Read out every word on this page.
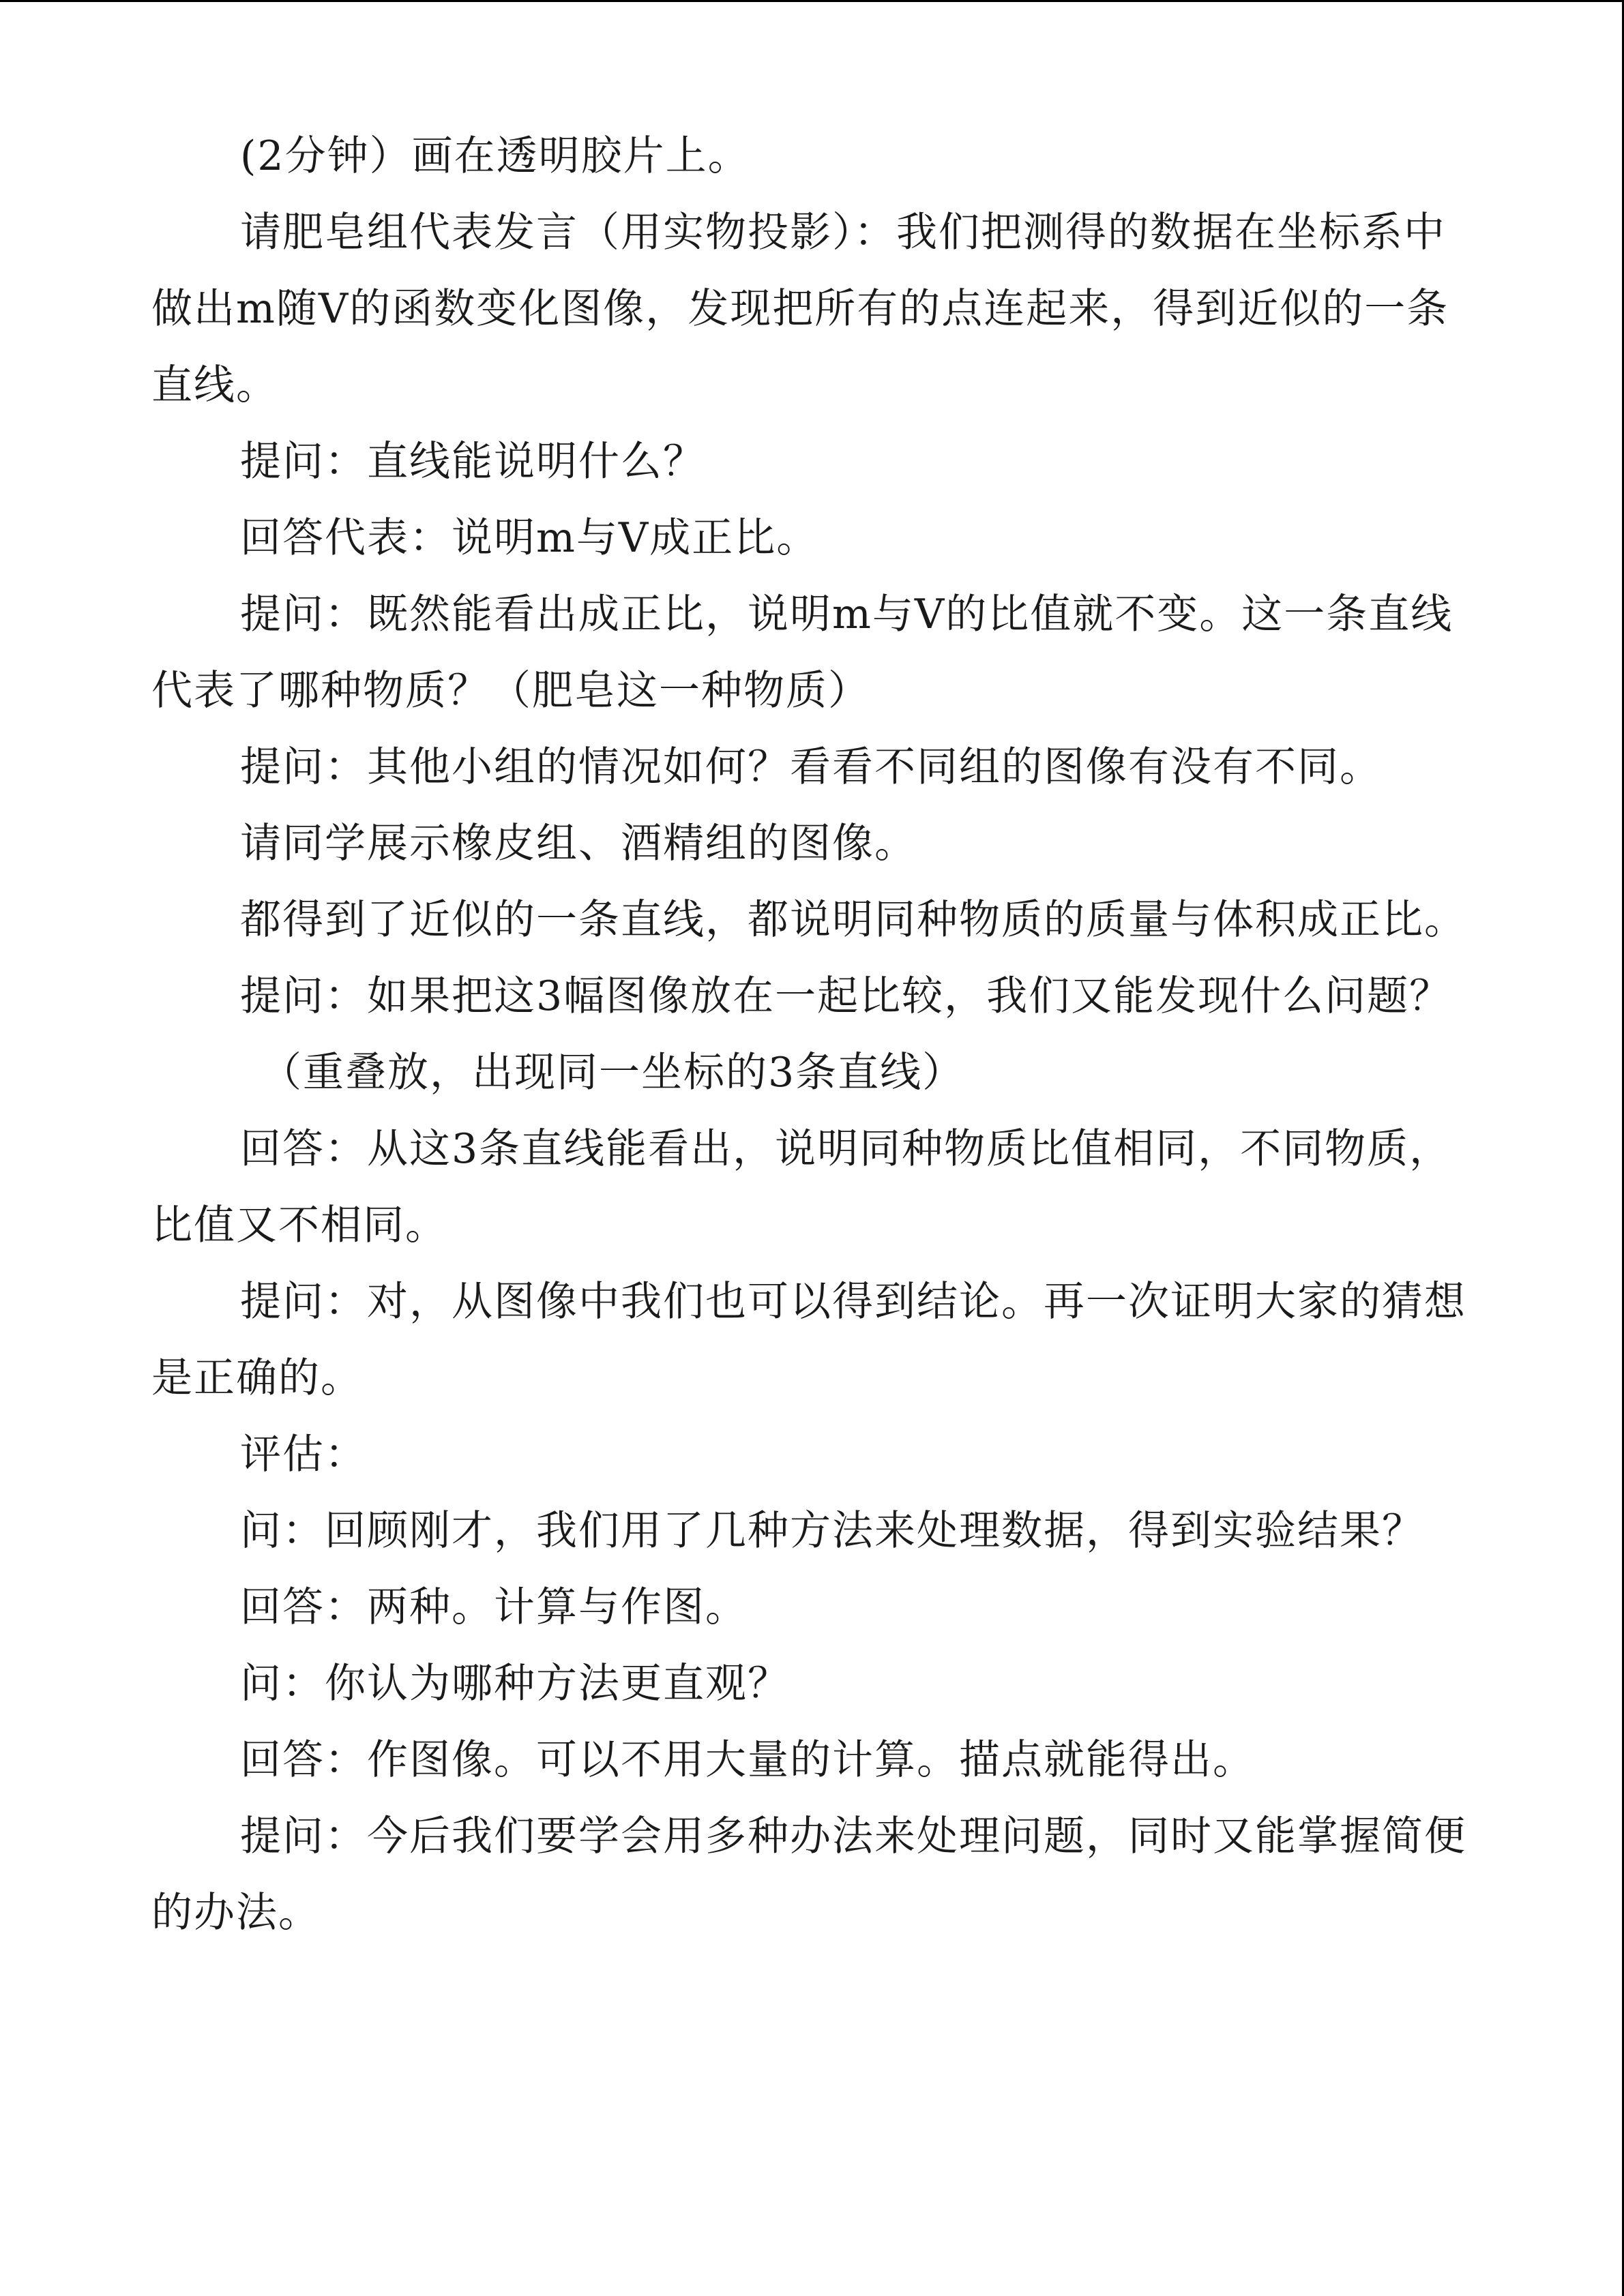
(2分钟）画在透明胶片上。

请肥皂组代表发言（用实物投影）：我们把测得的数据在坐标系中做出m随V的函数变化图像，发现把所有的点连起来，得到近似的一条直线。

提问：直线能说明什么？

回答代表：说明m与V成正比。

提问：既然能看出成正比，说明m与V的比值就不变。这一条直线代表了哪种物质？（肥皂这一种物质）

提问：其他小组的情况如何？看看不同组的图像有没有不同。

请同学展示橡皮组、酒精组的图像。

都得到了近似的一条直线，都说明同种物质的质量与体积成正比。

提问：如果把这3幅图像放在一起比较，我们又能发现什么问题？

（重叠放，出现同一坐标的3条直线）

回答：从这3条直线能看出，说明同种物质比值相同，不同物质，比值又不相同。

提问：对，从图像中我们也可以得到结论。再一次证明大家的猜想是正确的。

评估：

问：回顾刚才，我们用了几种方法来处理数据，得到实验结果？

回答：两种。计算与作图。

问：你认为哪种方法更直观？

回答：作图像。可以不用大量的计算。描点就能得出。

提问：今后我们要学会用多种办法来处理问题，同时又能掌握简便的办法。
